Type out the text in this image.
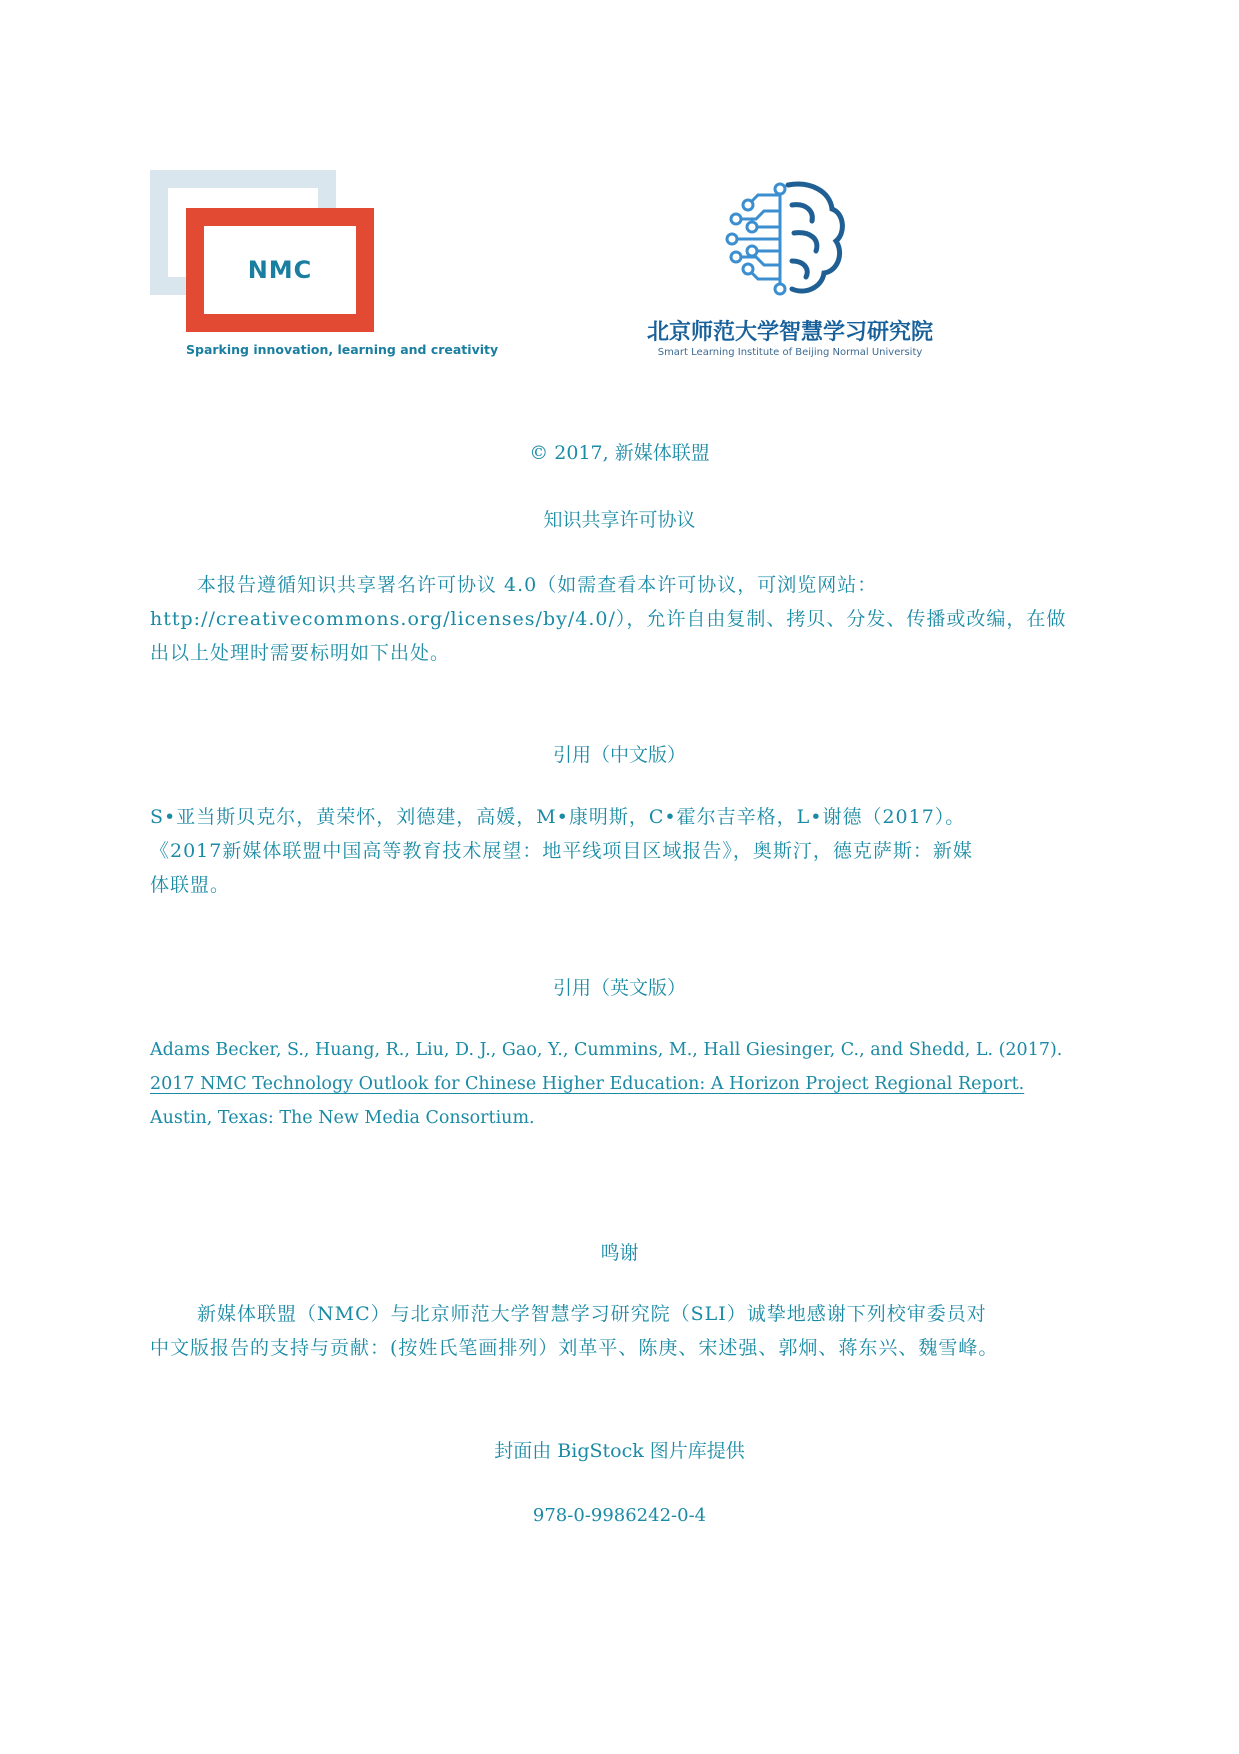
NMC
Sparking innovation, learning and creativity
北京师范大学智慧学习研究院
Smart Learning Institute of Beijing Normal University
© 2017, 新媒体联盟
知识共享许可协议
本报告遵循知识共享署名许可协议 4.0（如需查看本许可协议，可浏览网站：
http://creativecommons.org/licenses/by/4.0/），允许自由复制、拷贝、分发、传播或改编，在做
出以上处理时需要标明如下出处。
引用（中文版）
S•亚当斯贝克尔，黄荣怀，刘德建，高媛，M•康明斯，C•霍尔吉辛格，L•谢德（2017）。
《2017新媒体联盟中国高等教育技术展望：地平线项目区域报告》，奥斯汀，德克萨斯：新媒
体联盟。
引用（英文版）
Adams Becker, S., Huang, R., Liu, D. J., Gao, Y., Cummins, M., Hall Giesinger, C., and Shedd, L. (2017).
2017 NMC Technology Outlook for Chinese Higher Education: A Horizon Project Regional Report.
Austin, Texas: The New Media Consortium.
鸣谢
新媒体联盟（NMC）与北京师范大学智慧学习研究院（SLI）诚挚地感谢下列校审委员对
中文版报告的支持与贡献：(按姓氏笔画排列）刘革平、陈庚、宋述强、郭炯、蒋东兴、魏雪峰。
封面由 BigStock 图片库提供
978-0-9986242-0-4
